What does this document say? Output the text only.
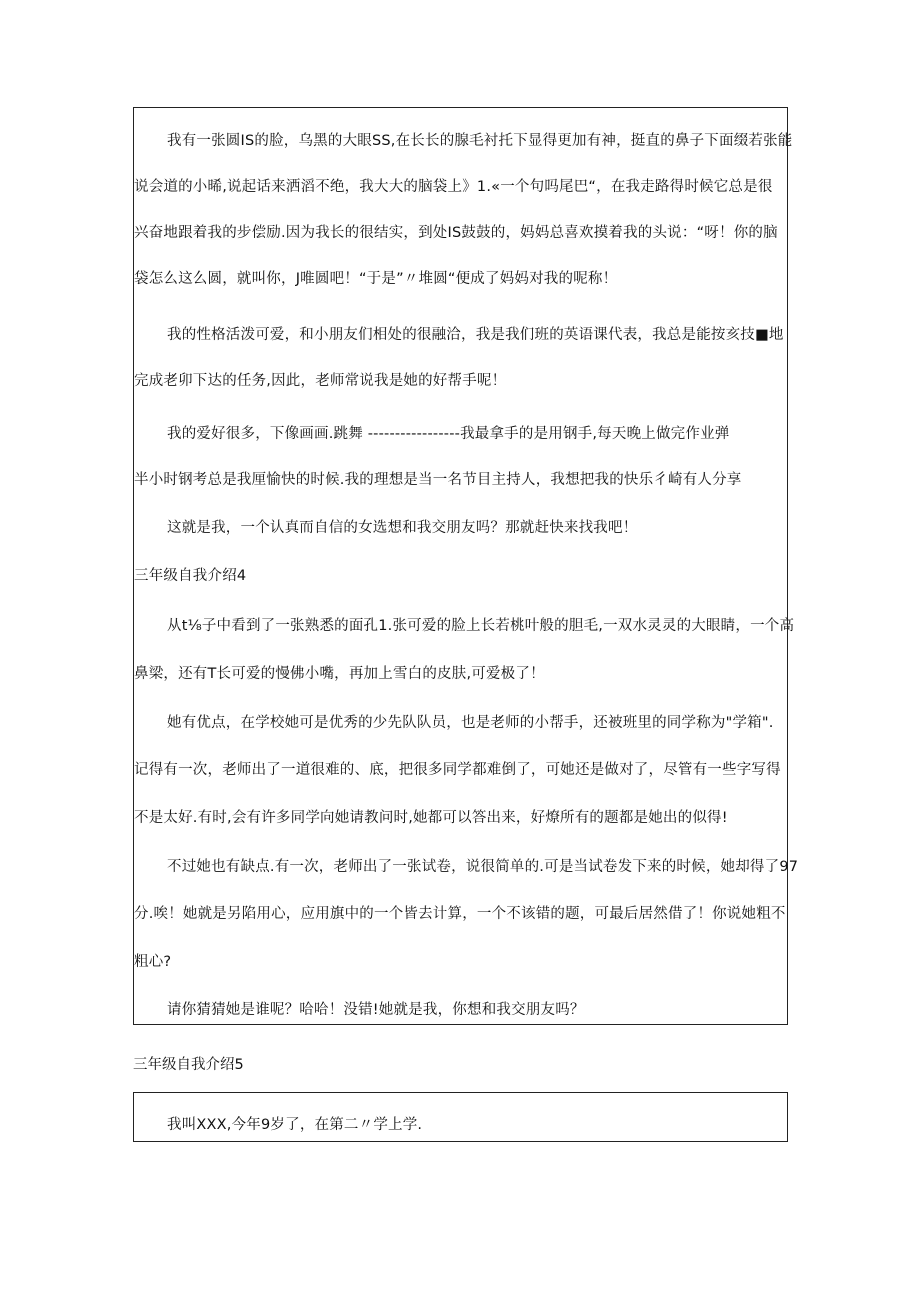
我有一张圆IS的脸，乌黑的大眼SS,在长长的腺毛衬托下显得更加有神，挺直的鼻子下面缀若张能
说会道的小晞,说起话来洒滔不绝，我大大的脑袋上》1.«一个句吗尾巴“，在我走路得时候它总是很
兴奋地跟着我的步偿励.因为我长的很结实，到处IS鼓鼓的，妈妈总喜欢摸着我的头说：“呀！你的脑
袋怎么这么圆，就叫你，J唯圆吧！“于是”〃堆圆“便成了妈妈对我的呢称！
我的性格活泼可爱，和小朋友们相处的很融洽，我是我们班的英语课代表，我总是能按亥技■地
完成老卯下达的任务,因此，老师常说我是她的好帮手呢！
我的爱好很多，下像画画.跳舞 -----------------我最拿手的是用钢手,每天晚上做完作业弹
半小时钢考总是我厘愉快的时候.我的理想是当一名节目主持人，我想把我的快乐彳崎有人分享
这就是我，一个认真而自信的女选想和我交朋友吗？那就赶快来找我吧！
三年级自我介绍4
从t⅛子中看到了一张熟悉的面孔1.张可爱的脸上长若桃叶般的胆毛,一双水灵灵的大眼睛，一个高
鼻梁，还有T长可爱的慢佛小嘴，再加上雪白的皮肤,可爱极了！
她有优点，在学校她可是优秀的少先队队员，也是老师的小帮手，还被班里的同学称为"学箱".
记得有一次，老师出了一道很难的、底，把很多同学都难倒了，可她还是做对了，尽管有一些字写得
不是太好.有时,会有许多同学向她请教问时,她都可以答出来，好燎所有的题都是她出的似得!
不过她也有缺点.有一次，老师出了一张试卷，说很简单的.可是当试卷发下来的时候，她却得了97
分.唉！她就是另陷用心，应用旗中的一个皆去计算，一个不该错的题，可最后居然借了！你说她粗不
粗心?
请你猜猜她是谁呢？哈哈！没错!她就是我，你想和我交朋友吗？
三年级自我介绍5
我叫XXX,今年9岁了，在第二〃学上学.
